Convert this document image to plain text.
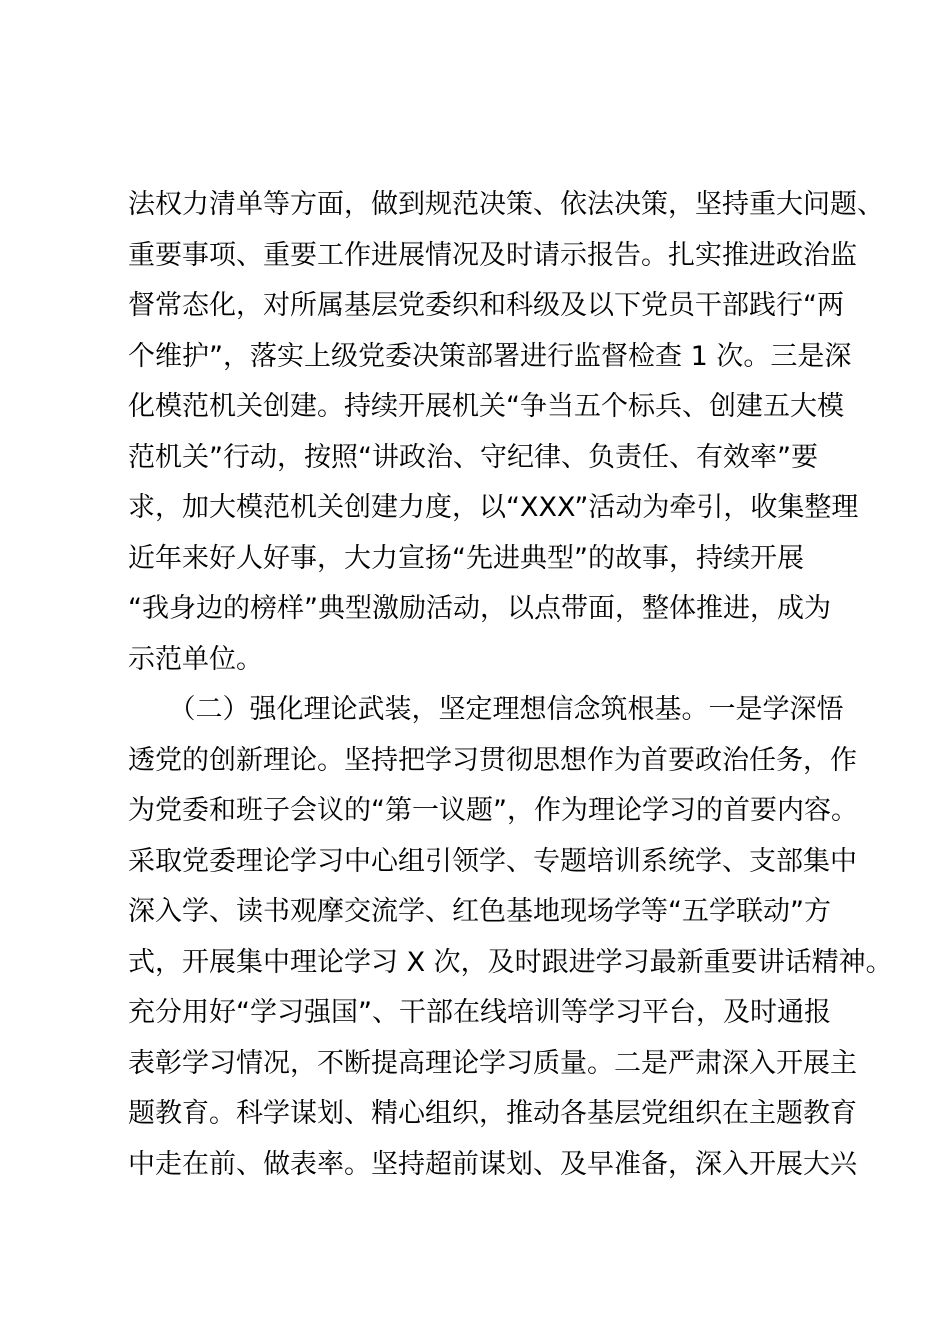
法权力清单等方面，做到规范决策、依法决策，坚持重大问题、

重要事项、重要工作进展情况及时请示报告。扎实推进政治监

督常态化，对所属基层党委织和科级及以下党员干部践行“两

个维护”，落实上级党委决策部署进行监督检查 1 次。三是深

化模范机关创建。持续开展机关“争当五个标兵、创建五大模

范机关”行动，按照“讲政治、守纪律、负责任、有效率”要

求，加大模范机关创建力度，以“XXX”活动为牵引，收集整理

近年来好人好事，大力宣扬“先进典型”的故事，持续开展

“我身边的榜样”典型激励活动，以点带面，整体推进，成为

示范单位。

　　（二）强化理论武装，坚定理想信念筑根基。一是学深悟

透党的创新理论。坚持把学习贯彻思想作为首要政治任务，作

为党委和班子会议的“第一议题”，作为理论学习的首要内容。

采取党委理论学习中心组引领学、专题培训系统学、支部集中

深入学、读书观摩交流学、红色基地现场学等“五学联动”方

式，开展集中理论学习 X 次，及时跟进学习最新重要讲话精神。

充分用好“学习强国”、干部在线培训等学习平台，及时通报

表彰学习情况，不断提高理论学习质量。二是严肃深入开展主

题教育。科学谋划、精心组织，推动各基层党组织在主题教育

中走在前、做表率。坚持超前谋划、及早准备，深入开展大兴
